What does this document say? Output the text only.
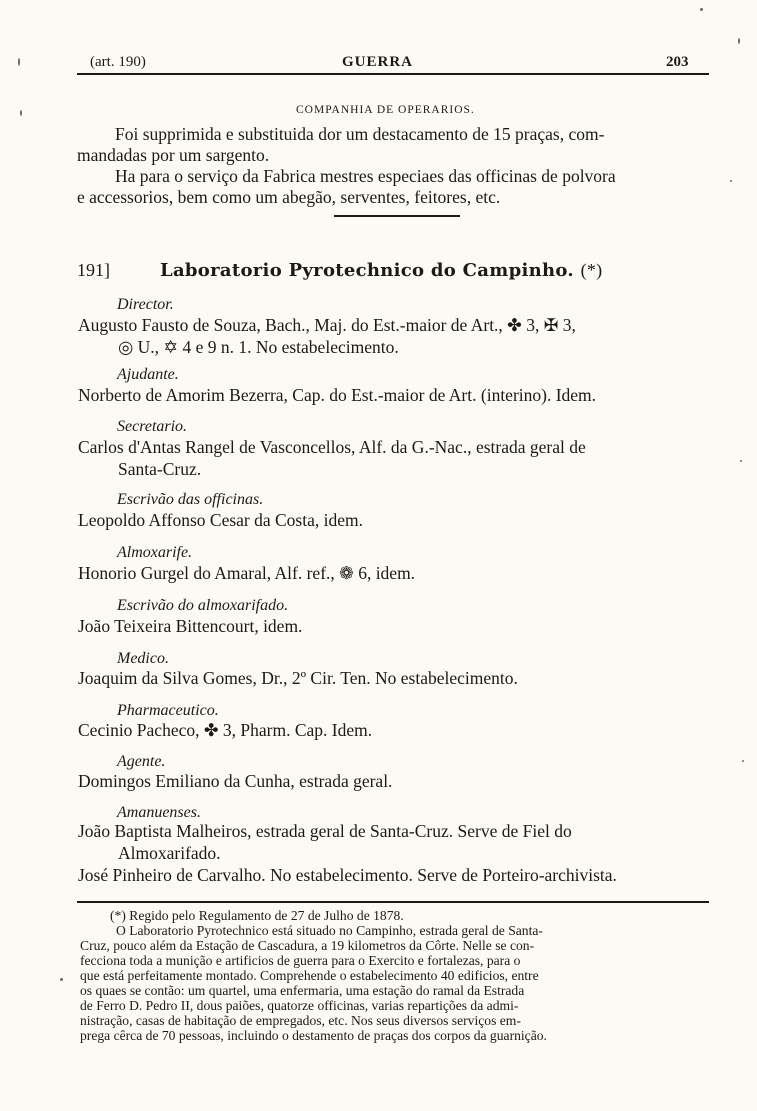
(art. 190)	GUERRA	203
COMPANHIA DE OPERARIOS.
Foi supprimida e substituida dor um destacamento de 15 praças, com-
mandadas por um sargento.
Ha para o serviço da Fabrica mestres especiaes das officinas de polvora
e accessorios, bem como um abegão, serventes, feitores, etc.
191]	Laboratorio Pyrotechnico do Campinho. (*)
Director.
Augusto Fausto de Souza, Bach., Maj. do Est.-maior de Art., ✤ 3, ✠ 3,
◎ U., ✡ 4 e 9 n. 1. No estabelecimento.
Ajudante.
Norberto de Amorim Bezerra, Cap. do Est.-maior de Art. (interino). Idem.
Secretario.
Carlos d'Antas Rangel de Vasconcellos, Alf. da G.-Nac., estrada geral de
Santa-Cruz.
Escrivão das officinas.
Leopoldo Affonso Cesar da Costa, idem.
Almoxarife.
Honorio Gurgel do Amaral, Alf. ref., ❁ 6, idem.
Escrivão do almoxarifado.
João Teixeira Bittencourt, idem.
Medico.
Joaquim da Silva Gomes, Dr., 2º Cir. Ten. No estabelecimento.
Pharmaceutico.
Cecinio Pacheco, ✤ 3, Pharm. Cap. Idem.
Agente.
Domingos Emiliano da Cunha, estrada geral.
Amanuenses.
João Baptista Malheiros, estrada geral de Santa-Cruz. Serve de Fiel do
Almoxarifado.
José Pinheiro de Carvalho. No estabelecimento. Serve de Porteiro-archivista.
(*) Regido pelo Regulamento de 27 de Julho de 1878.
O Laboratorio Pyrotechnico está situado no Campinho, estrada geral de Santa-
Cruz, pouco além da Estação de Cascadura, a 19 kilometros da Côrte. Nelle se con-
fecciona toda a munição e artificios de guerra para o Exercito e fortalezas, para o
que está perfeitamente montado. Comprehende o estabelecimento 40 edificios, entre
os quaes se contão: um quartel, uma enfermaria, uma estação do ramal da Estrada
de Ferro D. Pedro II, dous paiões, quatorze officinas, varias repartições da admi-
nistração, casas de habitação de empregados, etc. Nos seus diversos serviços em-
prega cêrca de 70 pessoas, incluindo o destamento de praças dos corpos da guarnição.
